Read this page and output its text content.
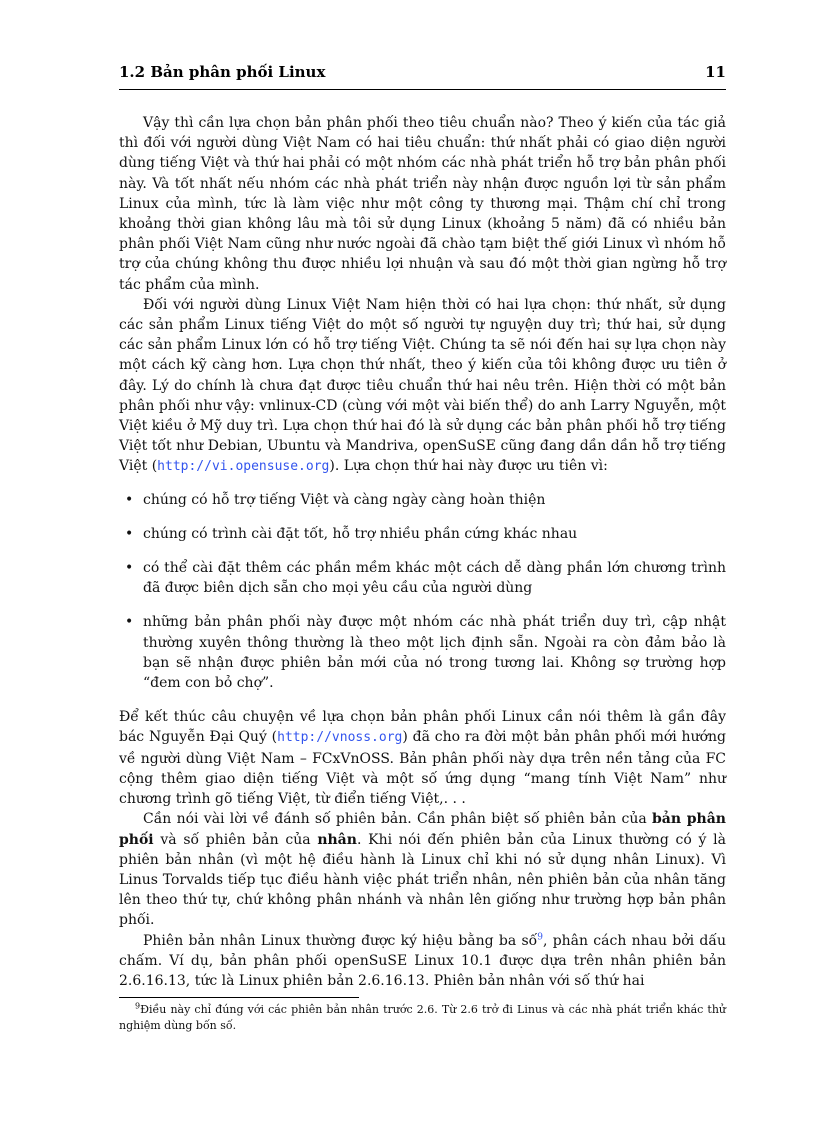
1.2 Bản phân phối Linux	11

Vậy thì cần lựa chọn bản phân phối theo tiêu chuẩn nào? Theo ý kiến của tác giả thì đối với người dùng Việt Nam có hai tiêu chuẩn: thứ nhất phải có giao diện người dùng tiếng Việt và thứ hai phải có một nhóm các nhà phát triển hỗ trợ bản phân phối này. Và tốt nhất nếu nhóm các nhà phát triển này nhận được nguồn lợi từ sản phẩm Linux của mình, tức là làm việc như một công ty thương mại. Thậm chí chỉ trong khoảng thời gian không lâu mà tôi sử dụng Linux (khoảng 5 năm) đã có nhiều bản phân phối Việt Nam cũng như nước ngoài đã chào tạm biệt thế giới Linux vì nhóm hỗ trợ của chúng không thu được nhiều lợi nhuận và sau đó một thời gian ngừng hỗ trợ tác phẩm của mình.

Đối với người dùng Linux Việt Nam hiện thời có hai lựa chọn: thứ nhất, sử dụng các sản phẩm Linux tiếng Việt do một số người tự nguyện duy trì; thứ hai, sử dụng các sản phẩm Linux lớn có hỗ trợ tiếng Việt. Chúng ta sẽ nói đến hai sự lựa chọn này một cách kỹ càng hơn. Lựa chọn thứ nhất, theo ý kiến của tôi không được ưu tiên ở đây. Lý do chính là chưa đạt được tiêu chuẩn thứ hai nêu trên. Hiện thời có một bản phân phối như vậy: vnlinux-CD (cùng với một vài biến thể) do anh Larry Nguyễn, một Việt kiều ở Mỹ duy trì. Lựa chọn thứ hai đó là sử dụng các bản phân phối hỗ trợ tiếng Việt tốt như Debian, Ubuntu và Mandriva, openSuSE cũng đang dần dần hỗ trợ tiếng Việt (http://vi.opensuse.org). Lựa chọn thứ hai này được ưu tiên vì:

• chúng có hỗ trợ tiếng Việt và càng ngày càng hoàn thiện
• chúng có trình cài đặt tốt, hỗ trợ nhiều phần cứng khác nhau
• có thể cài đặt thêm các phần mềm khác một cách dễ dàng phần lớn chương trình đã được biên dịch sẵn cho mọi yêu cầu của người dùng
• những bản phân phối này được một nhóm các nhà phát triển duy trì, cập nhật thường xuyên thông thường là theo một lịch định sẵn. Ngoài ra còn đảm bảo là bạn sẽ nhận được phiên bản mới của nó trong tương lai. Không sợ trường hợp “đem con bỏ chợ”.

Để kết thúc câu chuyện về lựa chọn bản phân phối Linux cần nói thêm là gần đây bác Nguyễn Đại Quý (http://vnoss.org) đã cho ra đời một bản phân phối mới hướng về người dùng Việt Nam – FCxVnOSS. Bản phân phối này dựa trên nền tảng của FC cộng thêm giao diện tiếng Việt và một số ứng dụng “mang tính Việt Nam” như chương trình gõ tiếng Việt, từ điển tiếng Việt,. . .

Cần nói vài lời về đánh số phiên bản. Cần phân biệt số phiên bản của bản phân phối và số phiên bản của nhân. Khi nói đến phiên bản của Linux thường có ý là phiên bản nhân (vì một hệ điều hành là Linux chỉ khi nó sử dụng nhân Linux). Vì Linus Torvalds tiếp tục điều hành việc phát triển nhân, nên phiên bản của nhân tăng lên theo thứ tự, chứ không phân nhánh và nhân lên giống như trường hợp bản phân phối.

Phiên bản nhân Linux thường được ký hiệu bằng ba số$^9$, phân cách nhau bởi dấu chấm. Ví dụ, bản phân phối openSuSE Linux 10.1 được dựa trên nhân phiên bản 2.6.16.13, tức là Linux phiên bản 2.6.16.13. Phiên bản nhân với số thứ hai

$^9$Điều này chỉ đúng với các phiên bản nhân trước 2.6. Từ 2.6 trở đi Linus và các nhà phát triển khác thử nghiệm dùng bốn số.
